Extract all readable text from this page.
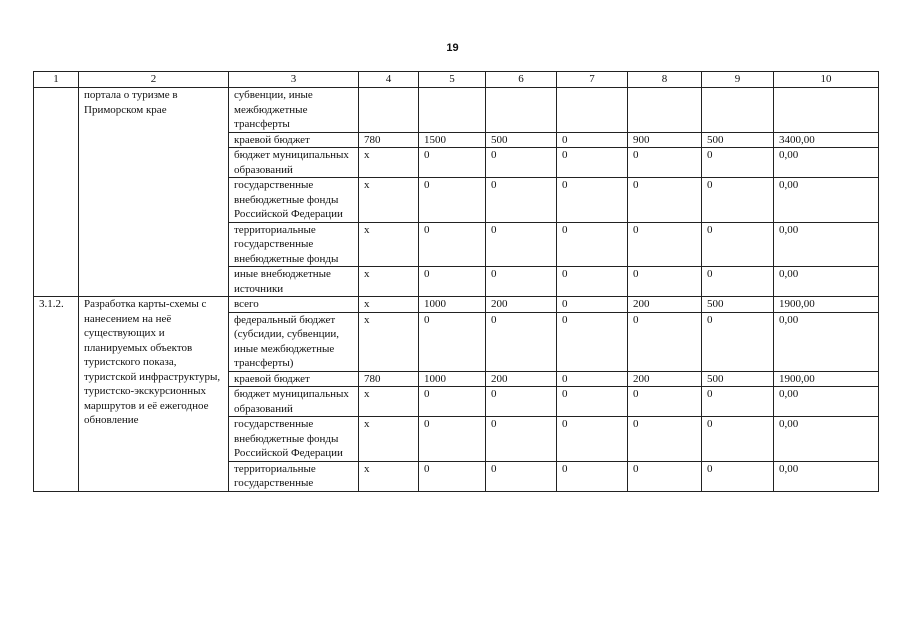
19
1	2	3	4	5	6	7	8	9	10
	портала о туризме в Приморском крае	субвенции, иные межбюджетные трансферты							
		краевой бюджет	780	1500	500	0	900	500	3400,00
		бюджет муниципальных образований	х	0	0	0	0	0	0,00
		государственные внебюджетные фонды Российской Федерации	х	0	0	0	0	0	0,00
		территориальные государственные внебюджетные фонды	х	0	0	0	0	0	0,00
		иные внебюджетные источники	х	0	0	0	0	0	0,00
3.1.2.	Разработка карты-схемы с нанесением на неё существующих и планируемых объектов туристского показа, туристской инфраструктуры, туристско-экскурсионных маршрутов и её ежегодное обновление	всего	х	1000	200	0	200	500	1900,00
		федеральный бюджет (субсидии, субвенции, иные межбюджетные трансферты)	х	0	0	0	0	0	0,00
		краевой бюджет	780	1000	200	0	200	500	1900,00
		бюджет муниципальных образований	х	0	0	0	0	0	0,00
		государственные внебюджетные фонды Российской Федерации	х	0	0	0	0	0	0,00
		территориальные государственные	х	0	0	0	0	0	0,00
